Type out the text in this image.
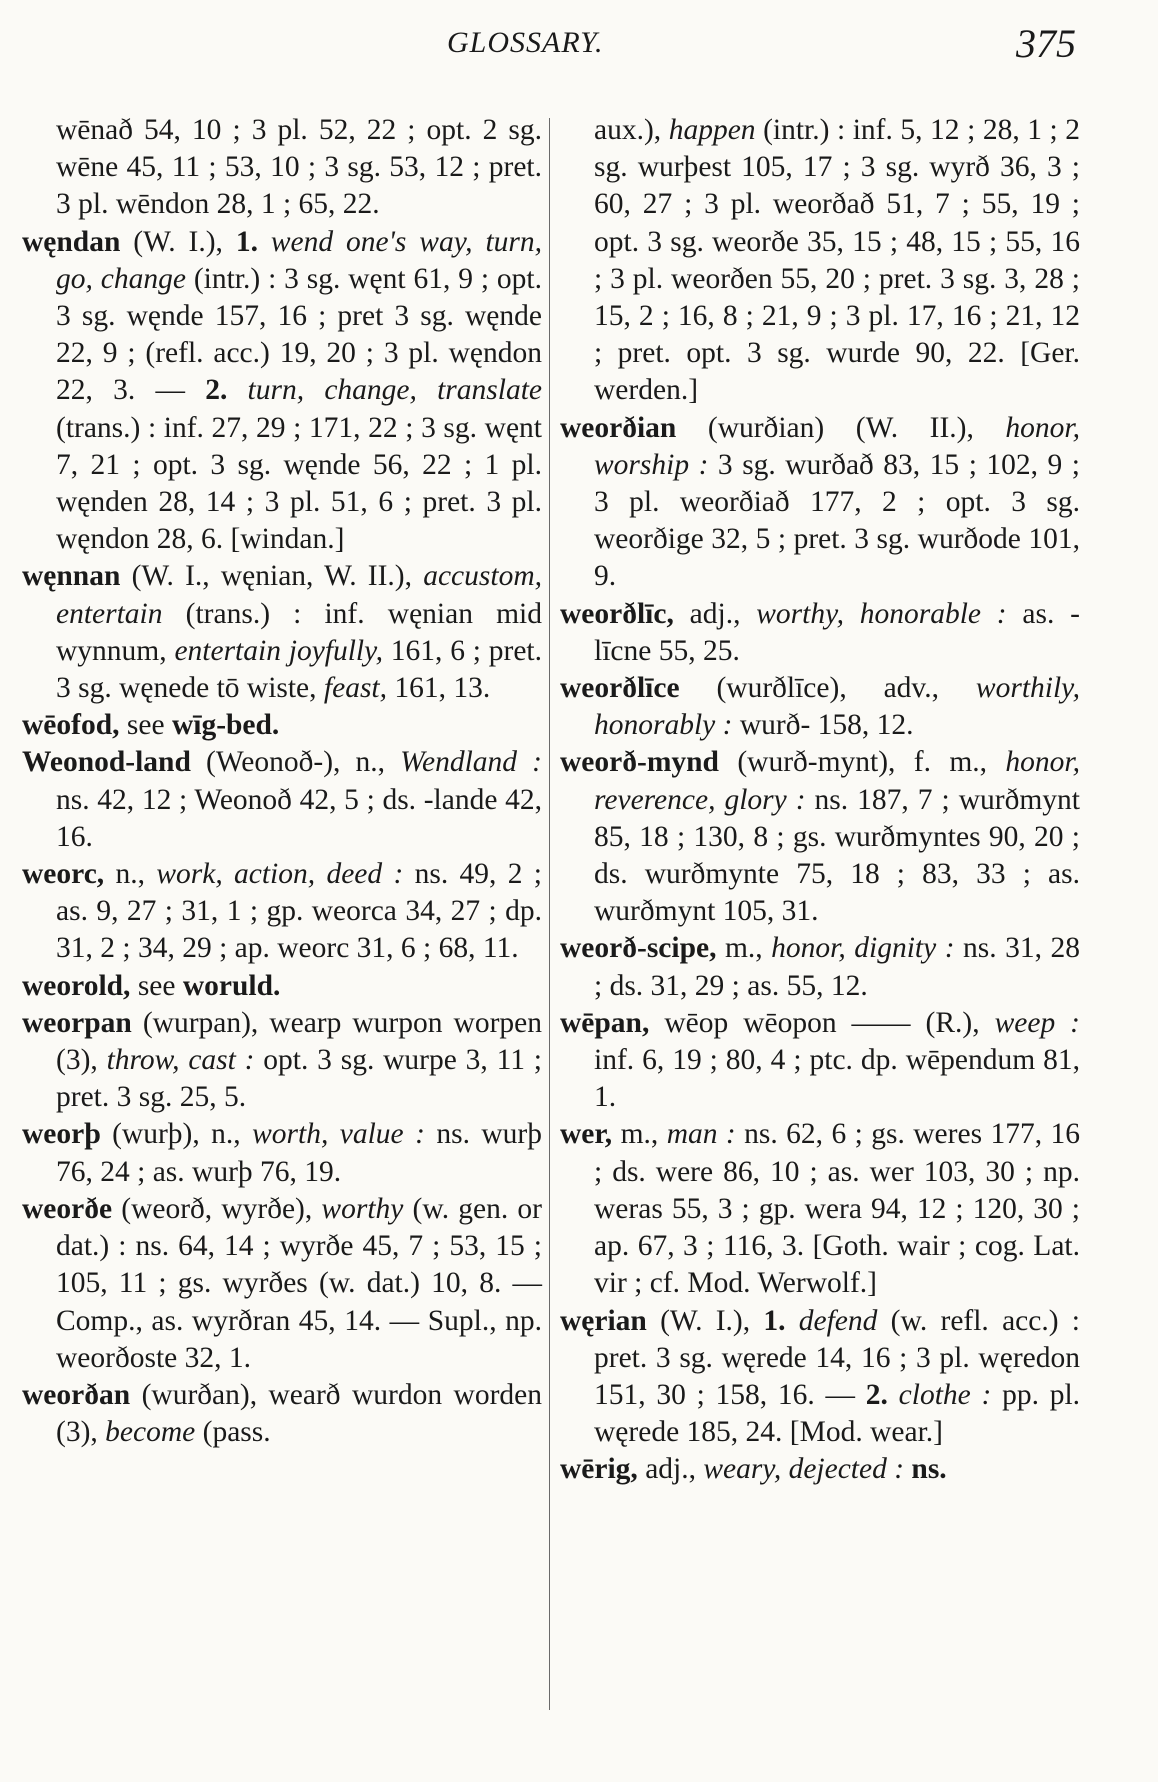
GLOSSARY.	375

wēnað 54, 10 ; 3 pl. 52, 22 ; opt. 2 sg. wēne 45, 11 ; 53, 10 ; 3 sg. 53, 12 ; pret. 3 pl. wēndon 28, 1 ; 65, 22.

węndan (W. I.), 1. wend one's way, turn, go, change (intr.) : 3 sg. węnt 61, 9 ; opt. 3 sg. węnde 157, 16 ; pret 3 sg. węnde 22, 9 ; (refl. acc.) 19, 20 ; 3 pl. węndon 22, 3. — 2. turn, change, translate (trans.) : inf. 27, 29 ; 171, 22 ; 3 sg. węnt 7, 21 ; opt. 3 sg. węnde 56, 22 ; 1 pl. węnden 28, 14 ; 3 pl. 51, 6 ; pret. 3 pl. węndon 28, 6. [windan.]

węnnan (W. I., węnian, W. II.), accustom, entertain (trans.) : inf. węnian mid wynnum, entertain joyfully, 161, 6 ; pret. 3 sg. węnede tō wiste, feast, 161, 13.

wēofod, see wīg-bed.

Weonod-land (Weonoð-), n., Wendland : ns. 42, 12 ; Weonoð 42, 5 ; ds. -lande 42, 16.

weorc, n., work, action, deed : ns. 49, 2 ; as. 9, 27 ; 31, 1 ; gp. weorca 34, 27 ; dp. 31, 2 ; 34, 29 ; ap. weorc 31, 6 ; 68, 11.

weorold, see woruld.

weorpan (wurpan), wearp wurpon worpen (3), throw, cast : opt. 3 sg. wurpe 3, 11 ; pret. 3 sg. 25, 5.

weorþ (wurþ), n., worth, value : ns. wurþ 76, 24 ; as. wurþ 76, 19.

weorðe (weorð, wyrðe), worthy (w. gen. or dat.) : ns. 64, 14 ; wyrðe 45, 7 ; 53, 15 ; 105, 11 ; gs. wyrðes (w. dat.) 10, 8. — Comp., as. wyrðran 45, 14. — Supl., np. weorðoste 32, 1.

weorðan (wurðan), wearð wurdon worden (3), become (pass.

aux.), happen (intr.) : inf. 5, 12 ; 28, 1 ; 2 sg. wurþest 105, 17 ; 3 sg. wyrð 36, 3 ; 60, 27 ; 3 pl. weorðað 51, 7 ; 55, 19 ; opt. 3 sg. weorðe 35, 15 ; 48, 15 ; 55, 16 ; 3 pl. weorðen 55, 20 ; pret. 3 sg. 3, 28 ; 15, 2 ; 16, 8 ; 21, 9 ; 3 pl. 17, 16 ; 21, 12 ; pret. opt. 3 sg. wurde 90, 22. [Ger. werden.]

weorðian (wurðian) (W. II.), honor, worship : 3 sg. wurðað 83, 15 ; 102, 9 ; 3 pl. weorðiað 177, 2 ; opt. 3 sg. weorðige 32, 5 ; pret. 3 sg. wurðode 101, 9.

weorðlīc, adj., worthy, honorable : as. -līcne 55, 25.

weorðlīce (wurðlīce), adv., worthily, honorably : wurð- 158, 12.

weorð-mynd (wurð-mynt), f. m., honor, reverence, glory : ns. 187, 7 ; wurðmynt 85, 18 ; 130, 8 ; gs. wurðmyntes 90, 20 ; ds. wurðmynte 75, 18 ; 83, 33 ; as. wurðmynt 105, 31.

weorð-scipe, m., honor, dignity : ns. 31, 28 ; ds. 31, 29 ; as. 55, 12.

wēpan, wēop wēopon —— (R.), weep : inf. 6, 19 ; 80, 4 ; ptc. dp. wēpendum 81, 1.

wer, m., man : ns. 62, 6 ; gs. weres 177, 16 ; ds. were 86, 10 ; as. wer 103, 30 ; np. weras 55, 3 ; gp. wera 94, 12 ; 120, 30 ; ap. 67, 3 ; 116, 3. [Goth. wair ; cog. Lat. vir ; cf. Mod. Werwolf.]

węrian (W. I.), 1. defend (w. refl. acc.) : pret. 3 sg. węrede 14, 16 ; 3 pl. węredon 151, 30 ; 158, 16. — 2. clothe : pp. pl. węrede 185, 24. [Mod. wear.]

wērig, adj., weary, dejected : ns.
